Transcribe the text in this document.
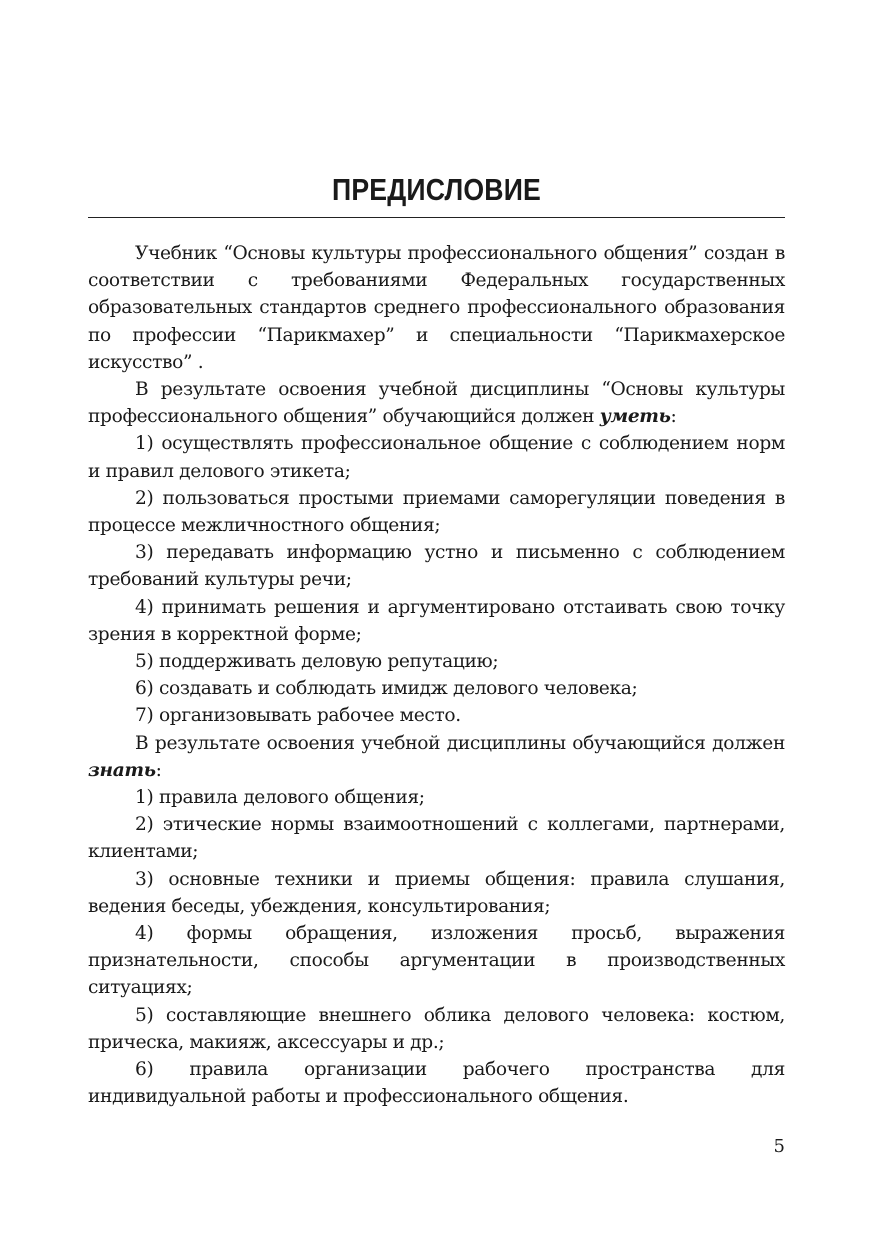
ПРЕДИСЛОВИЕ

Учебник “Основы культуры профессионального общения” создан в соответствии с требованиями Федеральных государственных образовательных стандартов среднего профессионального образования по профессии “Парикмахер” и специальности “Парикмахерское искусство” .

В результате освоения учебной дисциплины “Основы культуры профессионального общения” обучающийся должен уметь:

1) осуществлять профессиональное общение с соблюдением норм и правил делового этикета;

2) пользоваться простыми приемами саморегуляции поведения в процессе межличностного общения;

3) передавать информацию устно и письменно с соблюдением требований культуры речи;

4) принимать решения и аргументировано отстаивать свою точку зрения в корректной форме;

5) поддерживать деловую репутацию;

6) создавать и соблюдать имидж делового человека;

7) организовывать рабочее место.

В результате освоения учебной дисциплины обучающийся должен знать:

1) правила делового общения;

2) этические нормы взаимоотношений с коллегами, партнерами, клиентами;

3) основные техники и приемы общения: правила слушания, ведения беседы, убеждения, консультирования;

4) формы обращения, изложения просьб, выражения признательности, способы аргументации в производственных ситуациях;

5) составляющие внешнего облика делового человека: костюм, прическа, макияж, аксессуары и др.;

6) правила организации рабочего пространства для индивидуальной работы и профессионального общения.

5
